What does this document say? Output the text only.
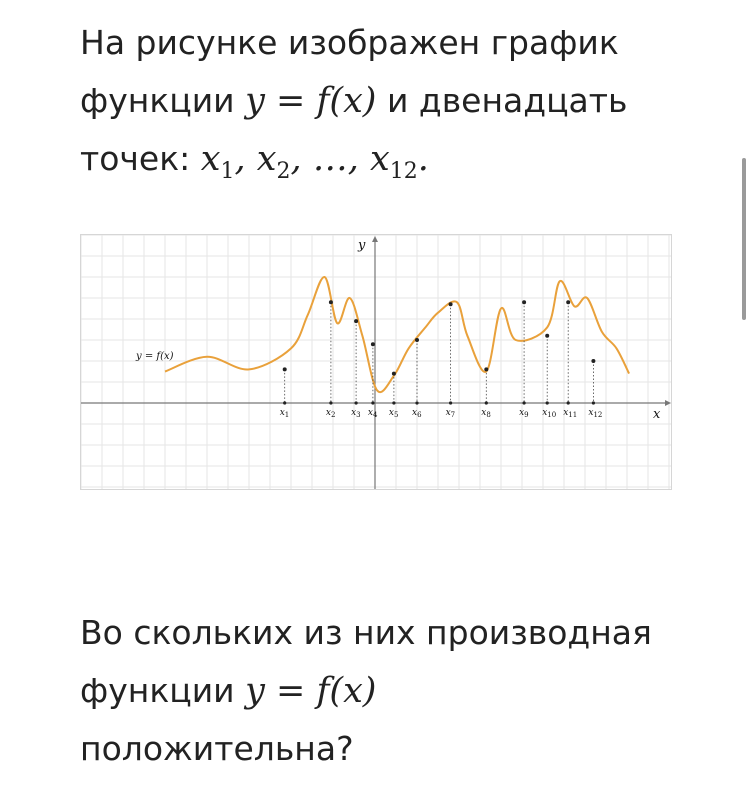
На рисунке изображен график функции y = f(x) и двенадцать точек: $x_1$, $x_2$, …, $x_{12}$.
x
y
y = f(x)
$x_1$	$x_2$ $x_3$ $x_4$ $x_5$ $x_6$	$x_7$	$x_8$	$x_9$ $x_{10}$ $x_{11}$ $x_{12}$
Во скольких из них производная
функции y = f(x)
положительна?
